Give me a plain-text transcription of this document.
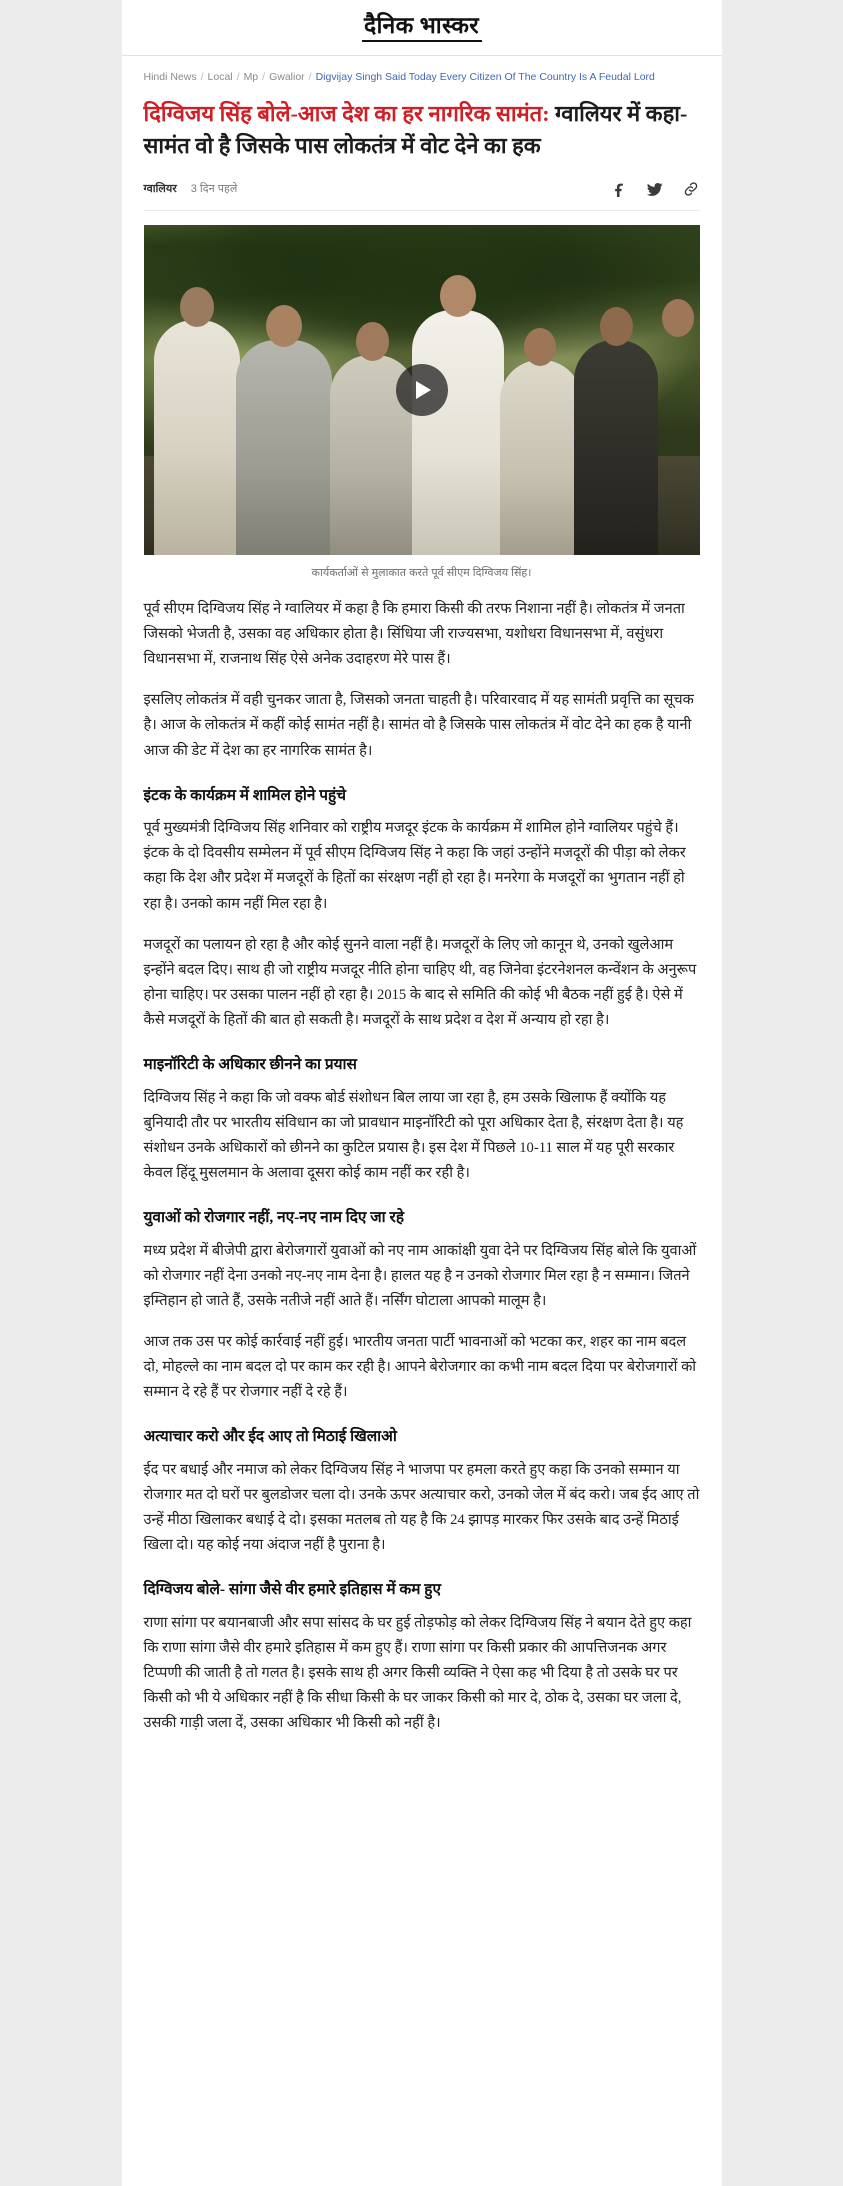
दैनिक भास्कर
Hindi News / Local / Mp / Gwalior / Digvijay Singh Said Today Every Citizen Of The Country Is A Feudal Lord
दिग्विजय सिंह बोले-आज देश का हर नागरिक सामंत: ग्वालियर में कहा- सामंत वो है जिसके पास लोकतंत्र में वोट देने का हक
ग्वालियर 3 दिन पहले
कार्यकर्ताओं से मुलाकात करते पूर्व सीएम दिग्विजय सिंह।

पूर्व सीएम दिग्विजय सिंह ने ग्वालियर में कहा है कि हमारा किसी की तरफ निशाना नहीं है। लोकतंत्र में जनता जिसको भेजती है, उसका वह अधिकार होता है। सिंधिया जी राज्यसभा, यशोधरा विधानसभा में, वसुंधरा विधानसभा में, राजनाथ सिंह ऐसे अनेक उदाहरण मेरे पास हैं।

इसलिए लोकतंत्र में वही चुनकर जाता है, जिसको जनता चाहती है। परिवारवाद में यह सामंती प्रवृत्ति का सूचक है। आज के लोकतंत्र में कहीं कोई सामंत नहीं है। सामंत वो है जिसके पास लोकतंत्र में वोट देने का हक है यानी आज की डेट में देश का हर नागरिक सामंत है।

इंटक के कार्यक्रम में शामिल होने पहुंचे

पूर्व मुख्यमंत्री दिग्विजय सिंह शनिवार को राष्ट्रीय मजदूर इंटक के कार्यक्रम में शामिल होने ग्वालियर पहुंचे हैं। इंटक के दो दिवसीय सम्मेलन में पूर्व सीएम दिग्विजय सिंह ने कहा कि जहां उन्होंने मजदूरों की पीड़ा को लेकर कहा कि देश और प्रदेश में मजदूरों के हितों का संरक्षण नहीं हो रहा है। मनरेगा के मजदूरों का भुगतान नहीं हो रहा है। उनको काम नहीं मिल रहा है।

मजदूरों का पलायन हो रहा है और कोई सुनने वाला नहीं है। मजदूरों के लिए जो कानून थे, उनको खुलेआम इन्होंने बदल दिए। साथ ही जो राष्ट्रीय मजदूर नीति होना चाहिए थी, वह जिनेवा इंटरनेशनल कन्वेंशन के अनुरूप होना चाहिए। पर उसका पालन नहीं हो रहा है। 2015 के बाद से समिति की कोई भी बैठक नहीं हुई है। ऐसे में कैसे मजदूरों के हितों की बात हो सकती है। मजदूरों के साथ प्रदेश व देश में अन्याय हो रहा है।

माइनॉरिटी के अधिकार छीनने का प्रयास

दिग्विजय सिंह ने कहा कि जो वक्फ बोर्ड संशोधन बिल लाया जा रहा है, हम उसके खिलाफ हैं क्योंकि यह बुनियादी तौर पर भारतीय संविधान का जो प्रावधान माइनॉरिटी को पूरा अधिकार देता है, संरक्षण देता है। यह संशोधन उनके अधिकारों को छीनने का कुटिल प्रयास है। इस देश में पिछले 10-11 साल में यह पूरी सरकार केवल हिंदू मुसलमान के अलावा दूसरा कोई काम नहीं कर रही है।

युवाओं को रोजगार नहीं, नए-नए नाम दिए जा रहे

मध्य प्रदेश में बीजेपी द्वारा बेरोजगारों युवाओं को नए नाम आकांक्षी युवा देने पर दिग्विजय सिंह बोले कि युवाओं को रोजगार नहीं देना उनको नए-नए नाम देना है। हालत यह है न उनको रोजगार मिल रहा है न सम्मान। जितने इम्तिहान हो जाते हैं, उसके नतीजे नहीं आते हैं। नर्सिंग घोटाला आपको मालूम है।

आज तक उस पर कोई कार्रवाई नहीं हुई। भारतीय जनता पार्टी भावनाओं को भटका कर, शहर का नाम बदल दो, मोहल्ले का नाम बदल दो पर काम कर रही है। आपने बेरोजगार का कभी नाम बदल दिया पर बेरोजगारों को सम्मान दे रहे हैं पर रोजगार नहीं दे रहे हैं।

अत्याचार करो और ईद आए तो मिठाई खिलाओ

ईद पर बधाई और नमाज को लेकर दिग्विजय सिंह ने भाजपा पर हमला करते हुए कहा कि उनको सम्मान या रोजगार मत दो घरों पर बुलडोजर चला दो। उनके ऊपर अत्याचार करो, उनको जेल में बंद करो। जब ईद आए तो उन्हें मीठा खिलाकर बधाई दे दो। इसका मतलब तो यह है कि 24 झापड़ मारकर फिर उसके बाद उन्हें मिठाई खिला दो। यह कोई नया अंदाज नहीं है पुराना है।

दिग्विजय बोले- सांगा जैसे वीर हमारे इतिहास में कम हुए

राणा सांगा पर बयानबाजी और सपा सांसद के घर हुई तोड़फोड़ को लेकर दिग्विजय सिंह ने बयान देते हुए कहा कि राणा सांगा जैसे वीर हमारे इतिहास में कम हुए हैं। राणा सांगा पर किसी प्रकार की आपत्तिजनक अगर टिप्पणी की जाती है तो गलत है। इसके साथ ही अगर किसी व्यक्ति ने ऐसा कह भी दिया है तो उसके घर पर किसी को भी ये अधिकार नहीं है कि सीधा किसी के घर जाकर किसी को मार दे, ठोक दे, उसका घर जला दे, उसकी गाड़ी जला दें, उसका अधिकार भी किसी को नहीं है।
